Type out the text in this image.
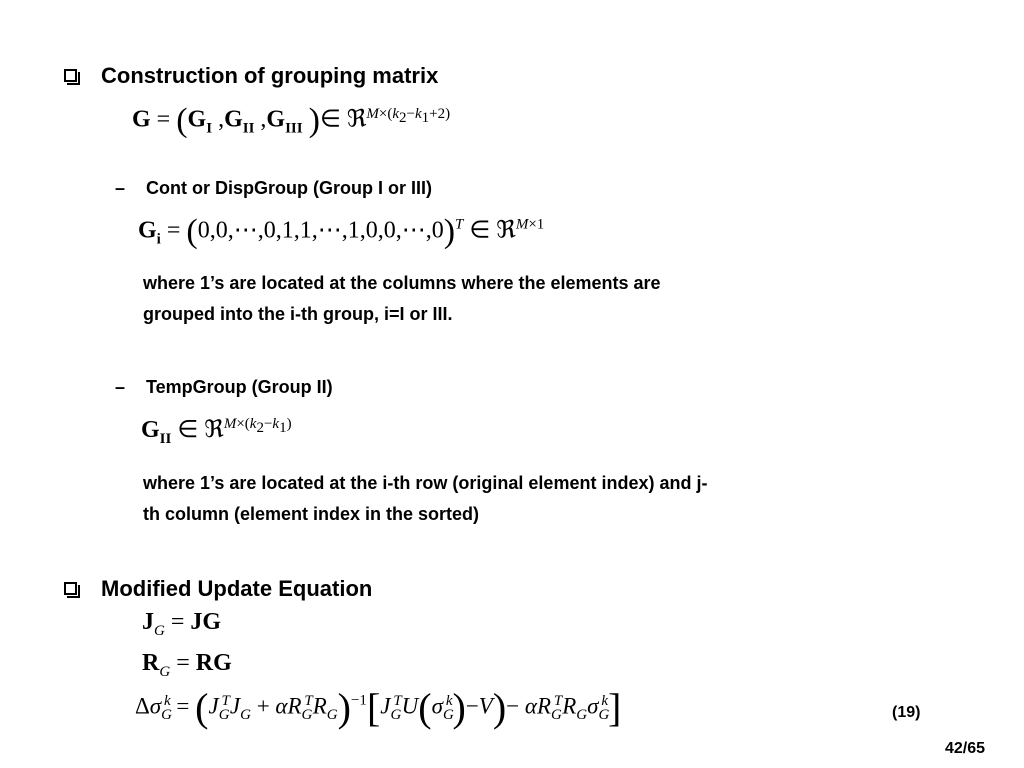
Construction of grouping matrix
$G = (G_I$ $,G_{II}$ $,G_{III}$ )∈ ℜ$^{M\times(k_2-k_1+2)}$
– Cont or DispGroup (Group I or III)
$G_i$ = (0,0,⋯,0,1,1,⋯,1,0,0,⋯,0)$^T$ ∈ ℜ$^{M\times 1}$
where 1’s are located at the columns where the elements are
grouped into the i-th group, i=I or III.
– TempGroup (Group II)
$G_{II}$ ∈ ℜ$^{M\times(k_2-k_1)}$
where 1’s are located at the i-th row (original element index) and j-
th column (element index in the sorted)
Modified Update Equation
$J_G$ = JG
$R_G$ = RG
$\Delta\sigma_G^k = (J_G^TJ_G + \alpha R_G^TR_G)^{-1}[J_G^TU(\sigma_G^k)-V)- \alpha R_G^TR_G\sigma_G^k$]	(19)
42/65
